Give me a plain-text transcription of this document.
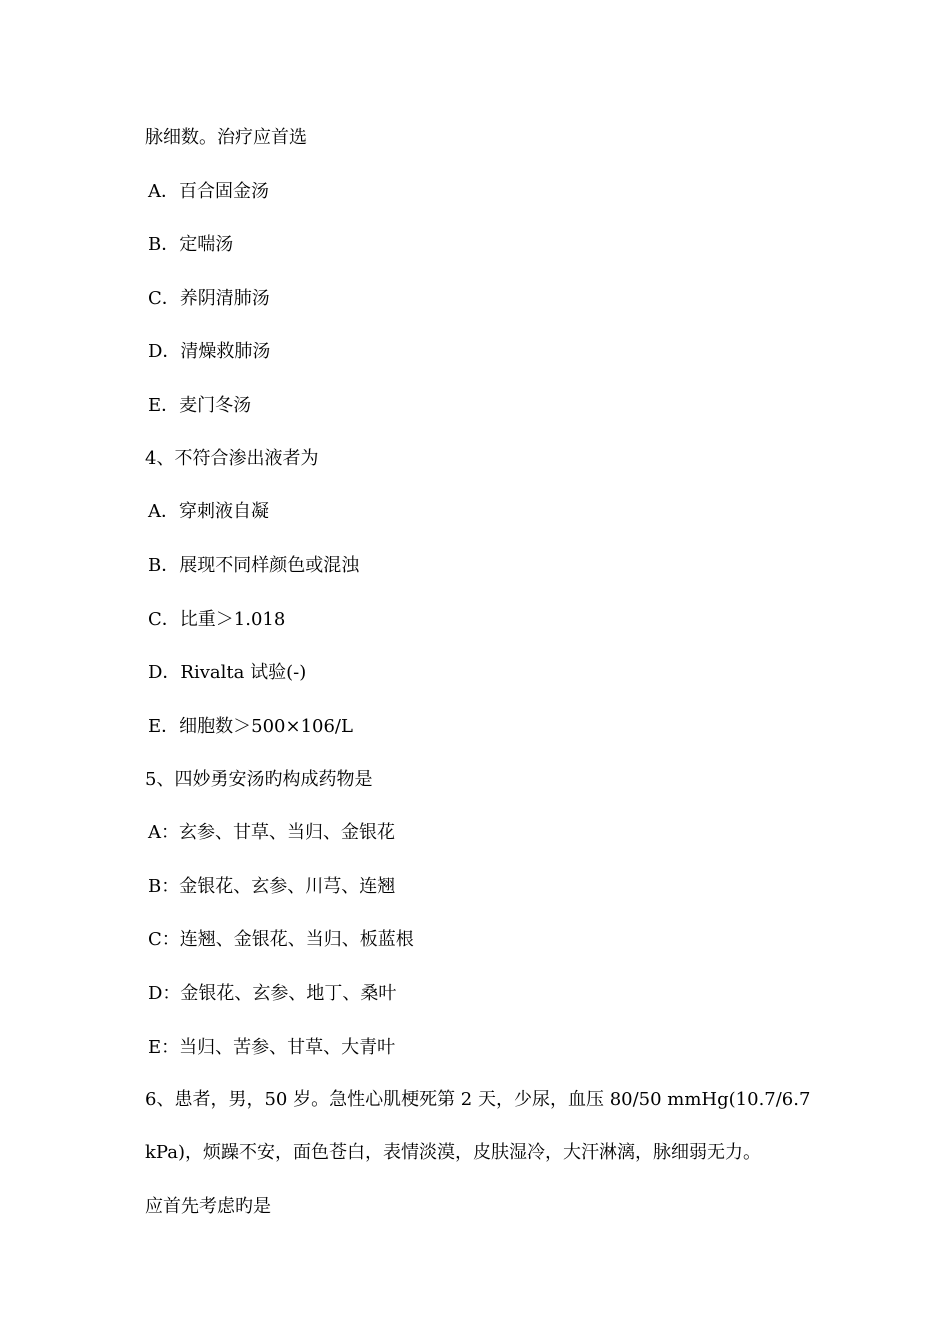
脉细数。治疗应首选
A．百合固金汤
B．定喘汤
C．养阴清肺汤
D．清燥救肺汤
E．麦门冬汤
4、不符合渗出液者为
A．穿刺液自凝
B．展现不同样颜色或混浊
C．比重＞1.018
D．Rivalta 试验(-)
E．细胞数＞500×106/L
5、四妙勇安汤旳构成药物是
A：玄参、甘草、当归、金银花
B：金银花、玄参、川芎、连翘
C：连翘、金银花、当归、板蓝根
D：金银花、玄参、地丁、桑叶
E：当归、苦参、甘草、大青叶
6、患者，男，50 岁。急性心肌梗死第 2 天，少尿，血压 80/50 mmHg(10.7/6.7
kPa)，烦躁不安，面色苍白，表情淡漠，皮肤湿冷，大汗淋漓，脉细弱无力。
应首先考虑旳是
